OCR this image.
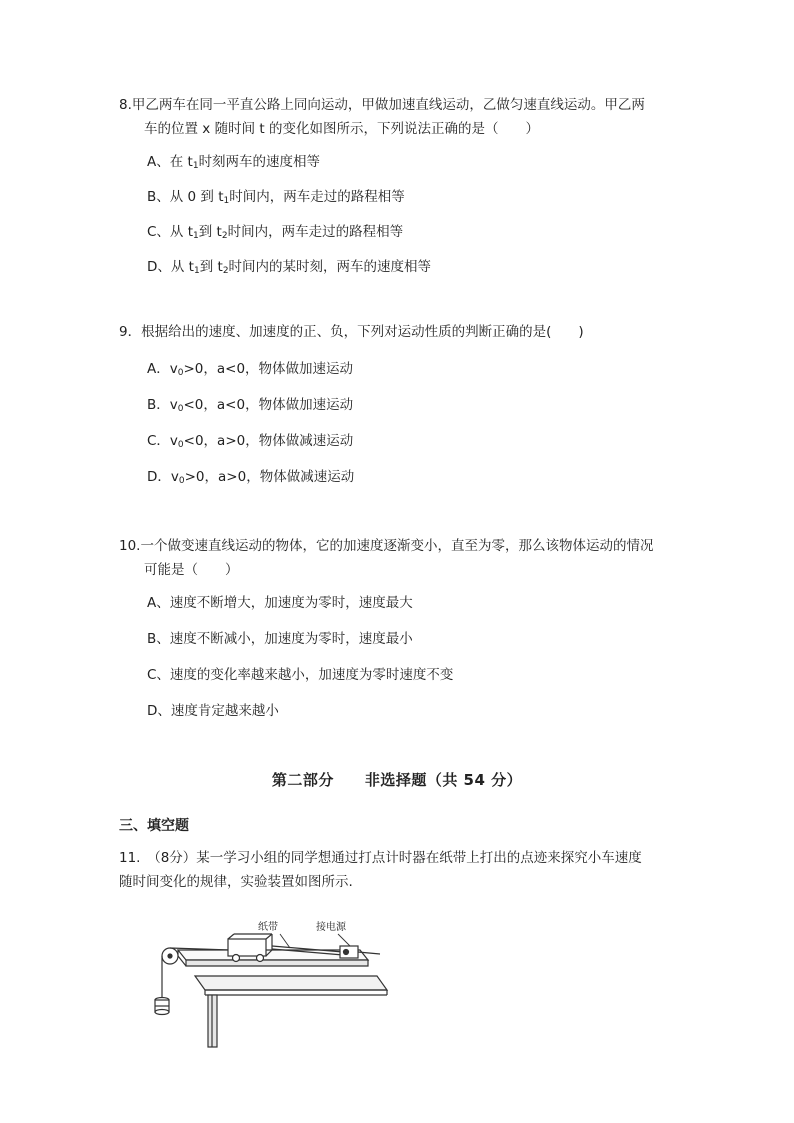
8.甲乙两车在同一平直公路上同向运动，甲做加速直线运动，乙做匀速直线运动。甲乙两
车的位置 x 随时间 t 的变化如图所示，下列说法正确的是（　　）
A、在 $t_1$时刻两车的速度相等
B、从 0 到 $t_1$时间内，两车走过的路程相等
C、从 $t_1$到 $t_2$时间内，两车走过的路程相等
D、从 $t_1$到 $t_2$时间内的某时刻，两车的速度相等
9．根据给出的速度、加速度的正、负，下列对运动性质的判断正确的是(　　)
A．$v_0>0$，a<0，物体做加速运动
B．$v_0<0$，a<0，物体做加速运动
C．$v_0<0$，a>0，物体做减速运动
D．$v_0>0$，a>0，物体做减速运动
10.一个做变速直线运动的物体，它的加速度逐渐变小，直至为零，那么该物体运动的情况
可能是（　　）
A、速度不断增大，加速度为零时，速度最大
B、速度不断减小，加速度为零时，速度最小
C、速度的变化率越来越小，加速度为零时速度不变
D、速度肯定越来越小
第二部分　　非选择题（共 54 分）
三、填空题
11.　（8分）某一学习小组的同学想通过打点计时器在纸带上打出的点迹来探究小车速度
随时间变化的规律，实验装置如图所示.
纸带	接电源
